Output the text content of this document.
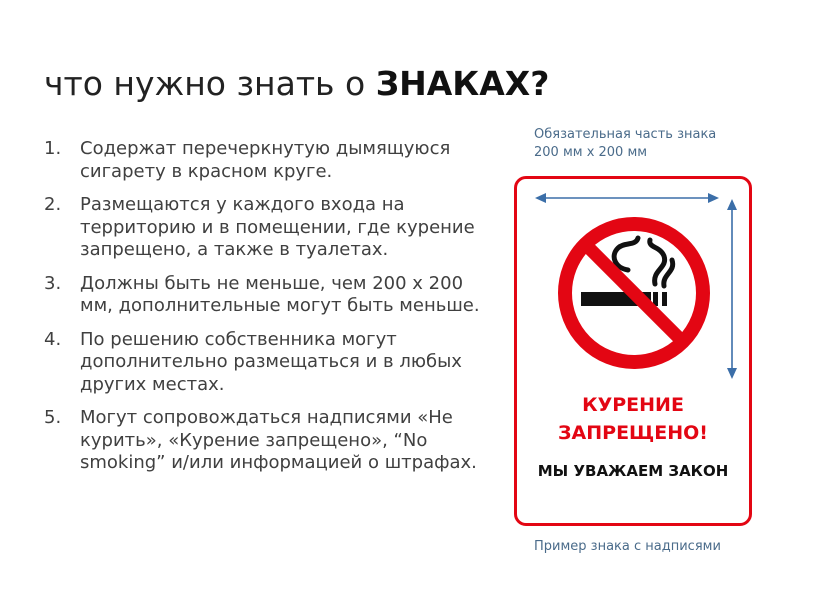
что нужно знать о ЗНАКАХ?
1.	Содержат перечеркнутую дымящуюся сигарету в красном круге.
2.	Размещаются у каждого входа на территорию и в помещении, где курение запрещено, а также в туалетах.
3.	Должны быть не меньше, чем 200 х 200 мм, дополнительные могут быть меньше.
4.	По решению собственника могут дополнительно размещаться и в любых других местах.
5.	Могут сопровождаться надписями «Не курить», «Курение запрещено», “No smoking” и/или информацией о штрафах.
Обязательная часть знака
200 мм х 200 мм
КУРЕНИЕ
ЗАПРЕЩЕНО!
МЫ УВАЖАЕМ ЗАКОН
Пример знака с надписями
